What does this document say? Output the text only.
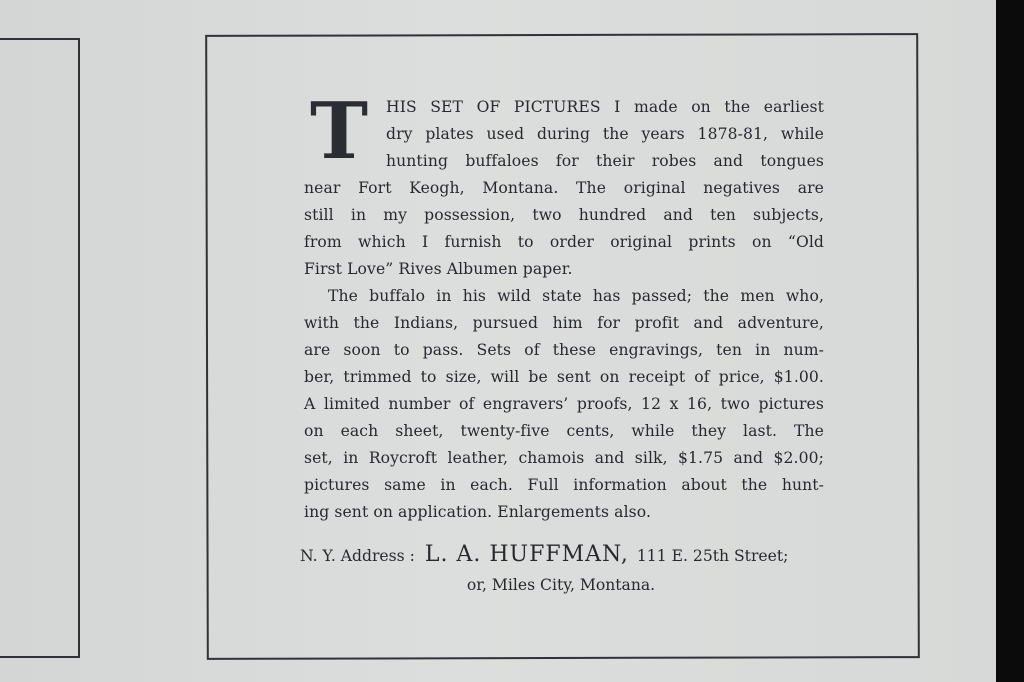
T HIS SET OF PICTURES I made on the earliest
dry plates used during the years 1878-81, while
hunting buffaloes for their robes and tongues
near Fort Keogh, Montana. The original negatives are
still in my possession, two hundred and ten subjects,
from which I furnish to order original prints on “Old
First Love” Rives Albumen paper.
The buffalo in his wild state has passed; the men who,
with the Indians, pursued him for profit and adventure,
are soon to pass. Sets of these engravings, ten in num-
ber, trimmed to size, will be sent on receipt of price, $1.00.
A limited number of engravers’ proofs, 12 x 16, two pictures
on each sheet, twenty-five cents, while they last. The
set, in Roycroft leather, chamois and silk, $1.75 and $2.00;
pictures same in each. Full information about the hunt-
ing sent on application. Enlargements also.
N. Y. Address : L. A. HUFFMAN, 111 E. 25th Street;
or, Miles City, Montana.
